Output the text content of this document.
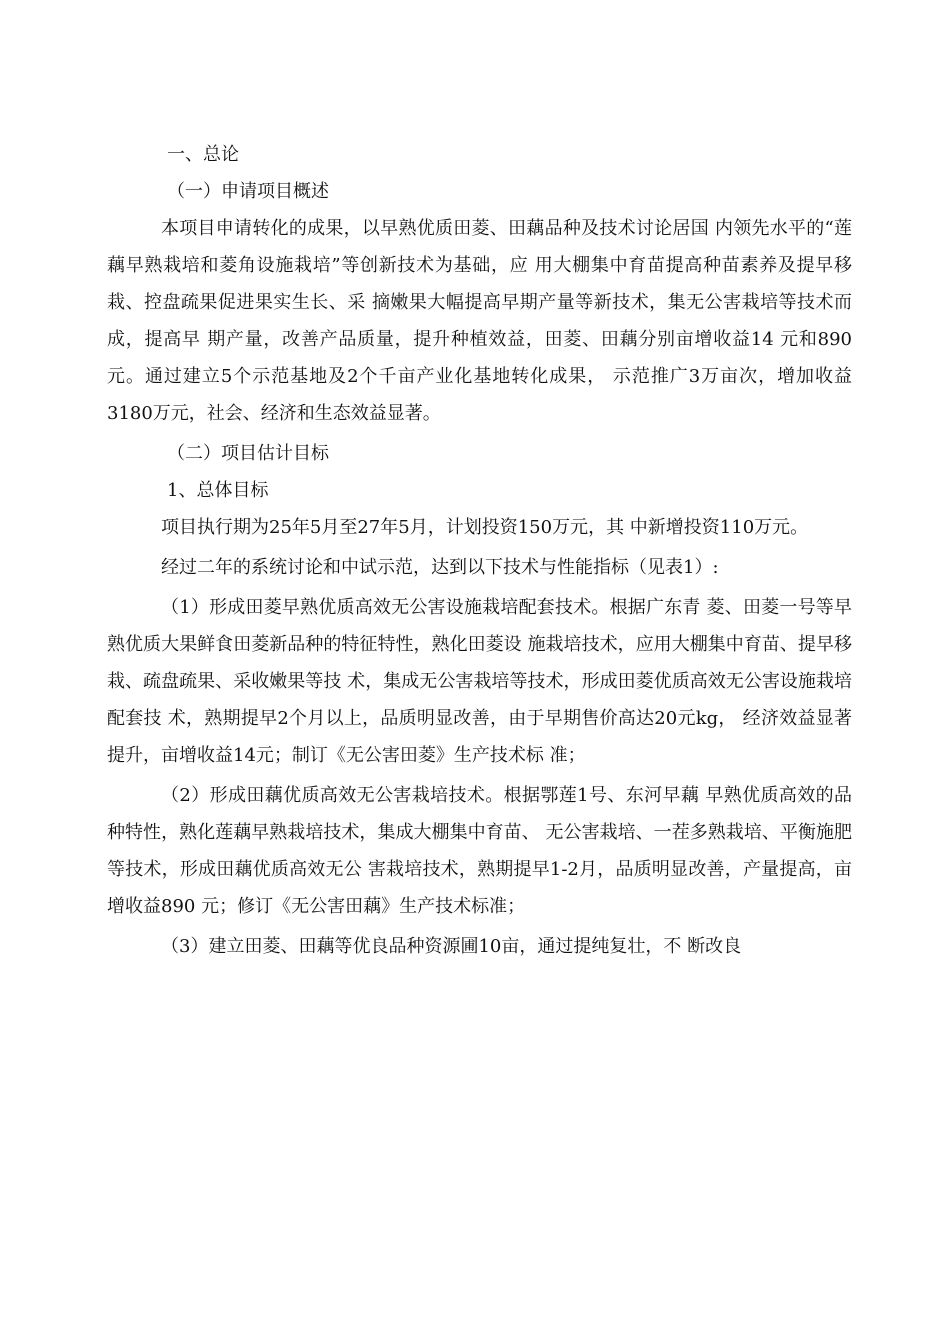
一、总论

（一）申请项目概述

本项目申请转化的成果，以早熟优质田菱、田藕品种及技术讨论居国 内领先水平的“莲藕早熟栽培和菱角设施栽培”等创新技术为基础，应 用大棚集中育苗提高种苗素养及提早移栽、控盘疏果促进果实生长、采 摘嫩果大幅提高早期产量等新技术，集无公害栽培等技术而成，提高早 期产量，改善产品质量，提升种植效益，田菱、田藕分别亩增收益14 元和890元。通过建立5个示范基地及2个千亩产业化基地转化成果， 示范推广3万亩次，增加收益3180万元，社会、经济和生态效益显著。

（二）项目估计目标

1、总体目标

项目执行期为25年5月至27年5月，计划投资150万元，其 中新增投资110万元。

经过二年的系统讨论和中试示范，达到以下技术与性能指标（见表1）:

（1）形成田菱早熟优质高效无公害设施栽培配套技术。根据广东青 菱、田菱一号等早熟优质大果鲜食田菱新品种的特征特性，熟化田菱设 施栽培技术，应用大棚集中育苗、提早移栽、疏盘疏果、采收嫩果等技 术，集成无公害栽培等技术，形成田菱优质高效无公害设施栽培配套技 术，熟期提早2个月以上，品质明显改善，由于早期售价高达20元kg， 经济效益显著提升，亩增收益14元；制订《无公害田菱》生产技术标 准；

（2）形成田藕优质高效无公害栽培技术。根据鄂莲1号、东河早藕 早熟优质高效的品种特性，熟化莲藕早熟栽培技术，集成大棚集中育苗、 无公害栽培、一茬多熟栽培、平衡施肥等技术，形成田藕优质高效无公 害栽培技术，熟期提早1-2月，品质明显改善，产量提高，亩增收益890 元；修订《无公害田藕》生产技术标准；

（3）建立田菱、田藕等优良品种资源圃10亩，通过提纯复壮，不 断改良
